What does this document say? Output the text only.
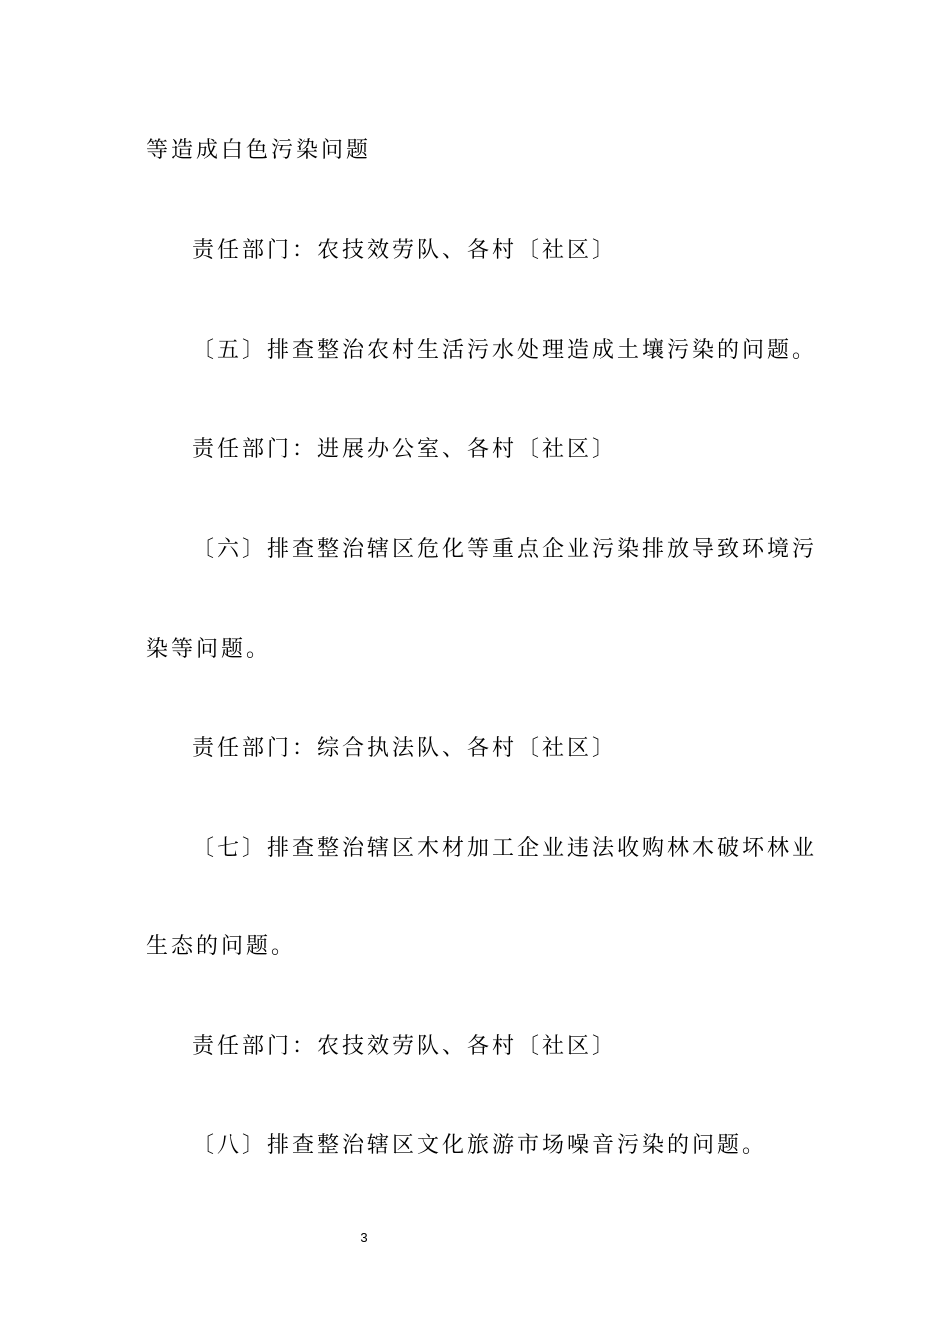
等造成白色污染问题
责任部门：农技效劳队、各村〔社区〕
〔五〕排查整治农村生活污水处理造成土壤污染的问题。
责任部门：进展办公室、各村〔社区〕
〔六〕排查整治辖区危化等重点企业污染排放导致环境污
染等问题。
责任部门：综合执法队、各村〔社区〕
〔七〕排查整治辖区木材加工企业违法收购林木破坏林业
生态的问题。
责任部门：农技效劳队、各村〔社区〕
〔八〕排查整治辖区文化旅游市场噪音污染的问题。
3
